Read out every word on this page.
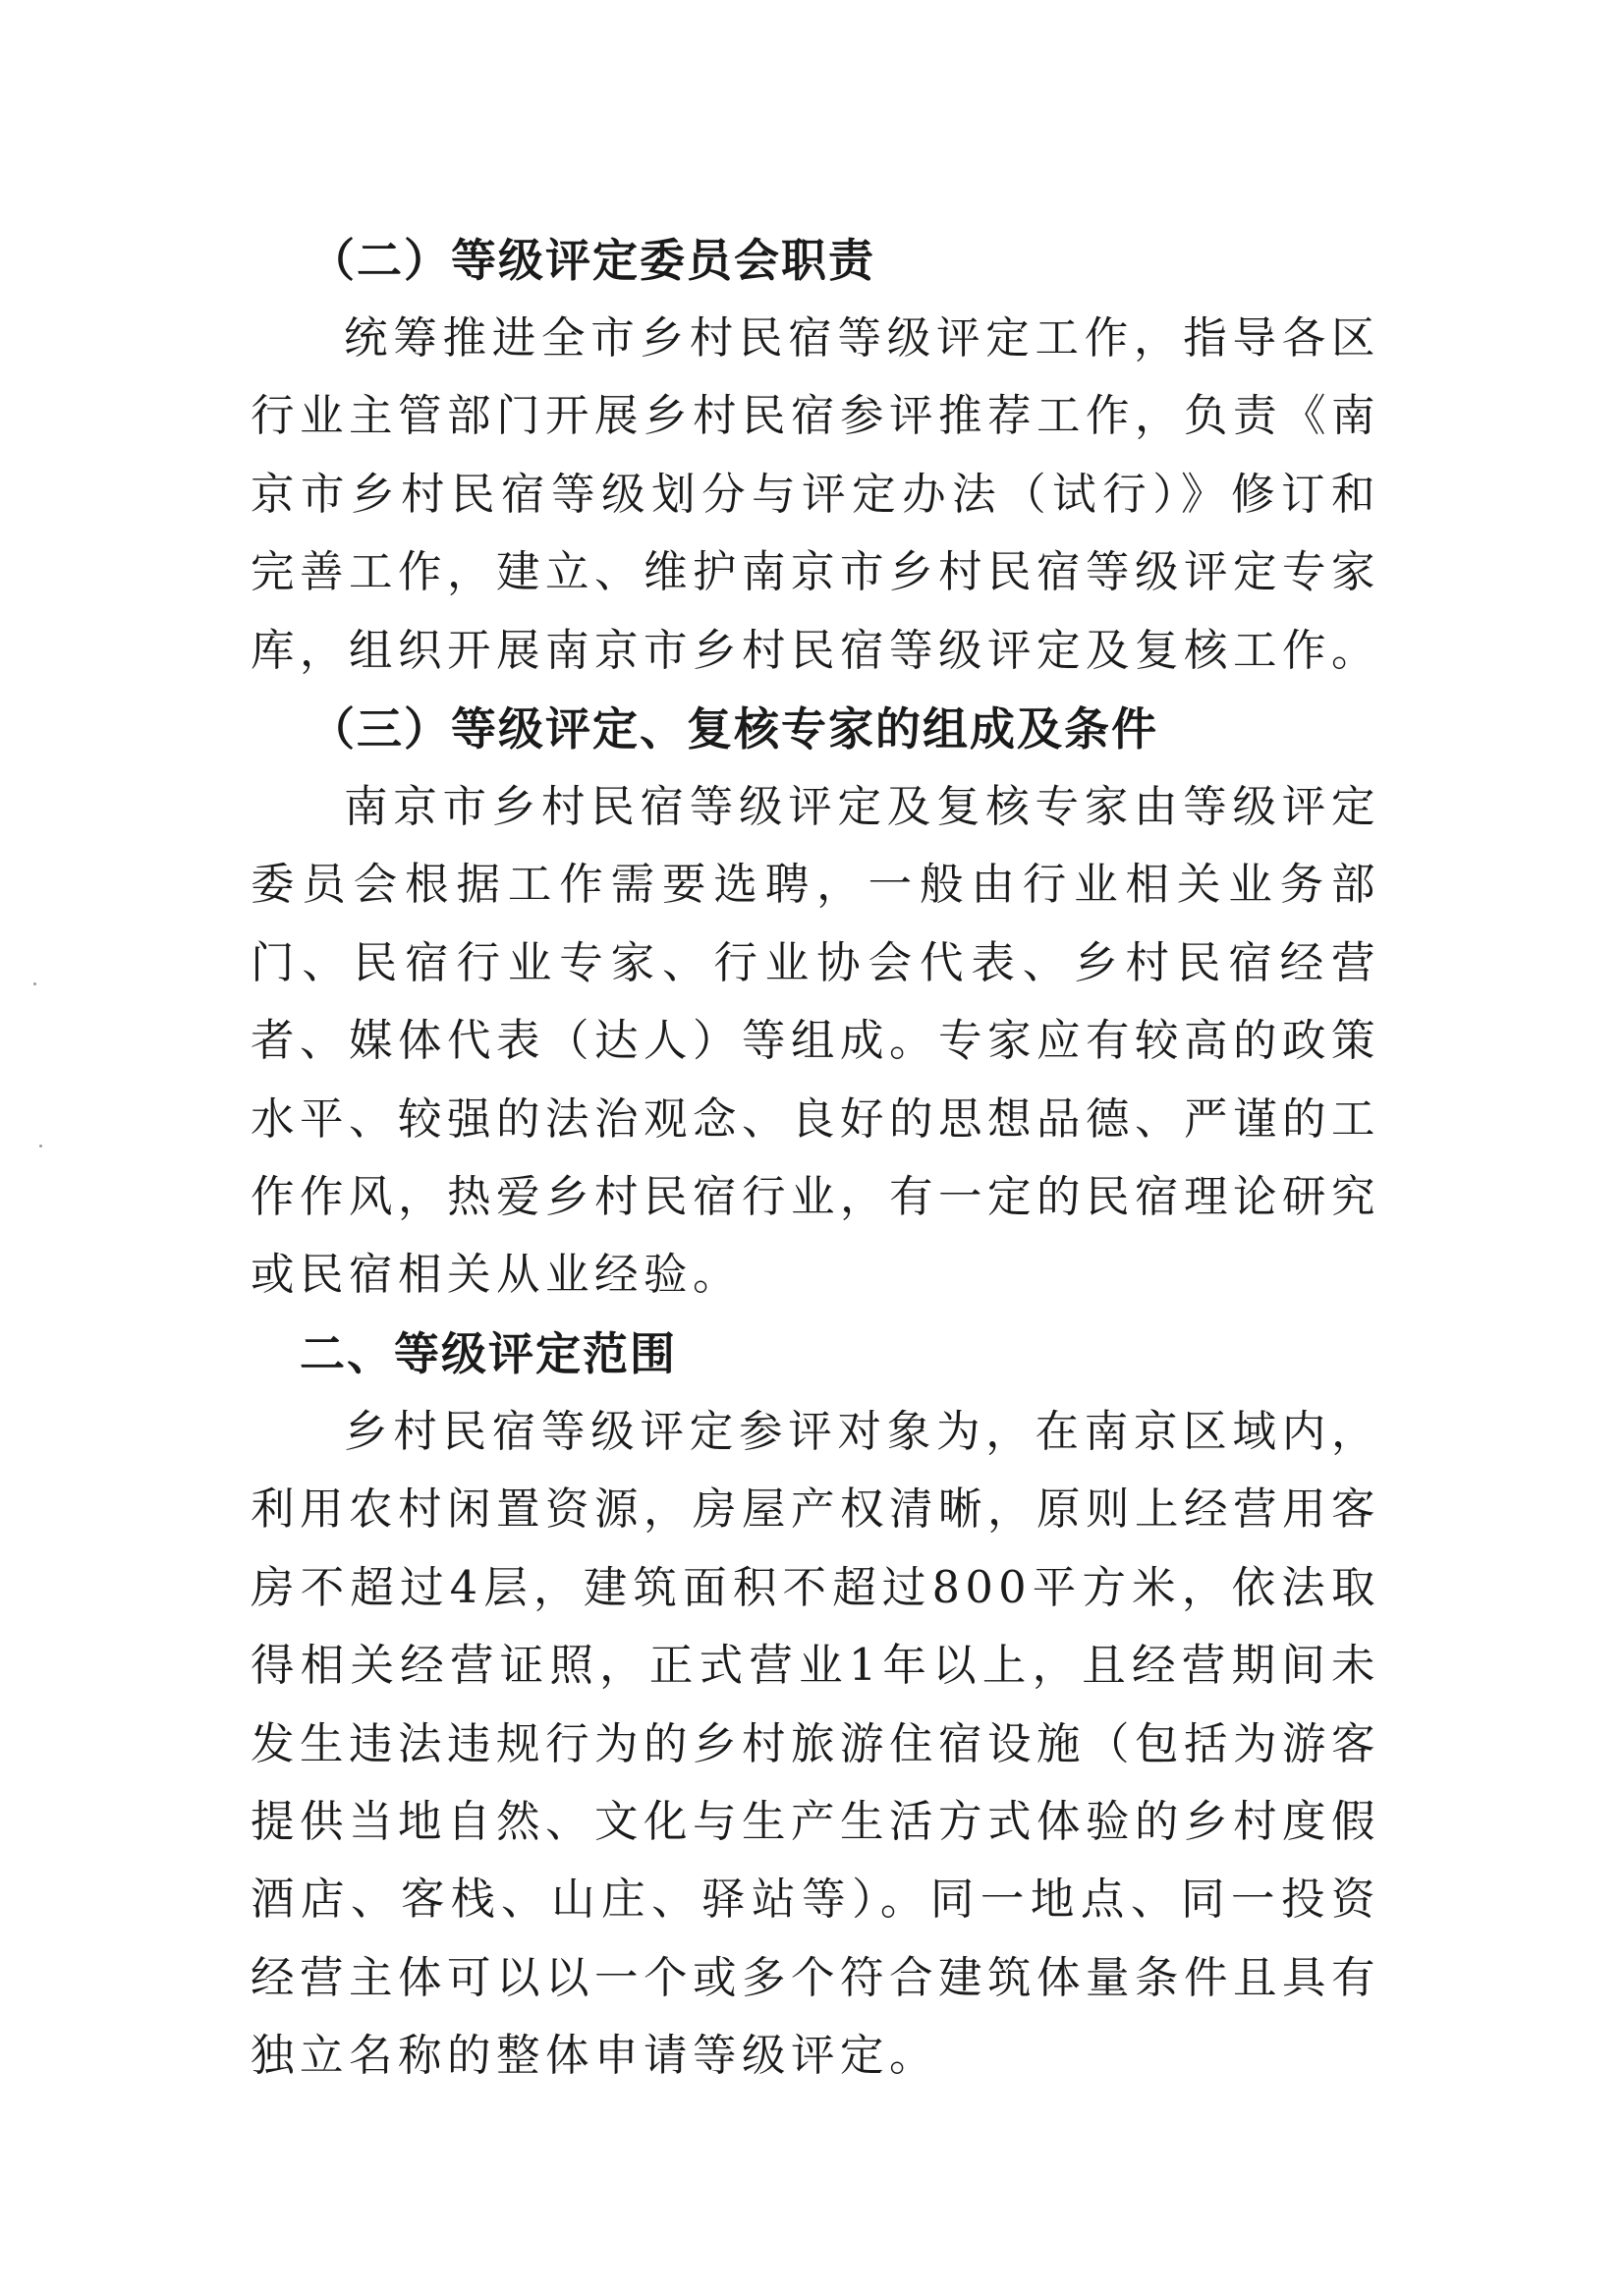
（二）等级评定委员会职责

统筹推进全市乡村民宿等级评定工作，指导各区行业主管部门开展乡村民宿参评推荐工作，负责《南京市乡村民宿等级划分与评定办法（试行）》修订和完善工作，建立、维护南京市乡村民宿等级评定专家库，组织开展南京市乡村民宿等级评定及复核工作。

（三）等级评定、复核专家的组成及条件

南京市乡村民宿等级评定及复核专家由等级评定委员会根据工作需要选聘，一般由行业相关业务部门、民宿行业专家、行业协会代表、乡村民宿经营者、媒体代表（达人）等组成。专家应有较高的政策水平、较强的法治观念、良好的思想品德、严谨的工作作风，热爱乡村民宿行业，有一定的民宿理论研究或民宿相关从业经验。

二、等级评定范围

乡村民宿等级评定参评对象为，在南京区域内，利用农村闲置资源，房屋产权清晰，原则上经营用客房不超过4层，建筑面积不超过800平方米，依法取得相关经营证照，正式营业1年以上，且经营期间未发生违法违规行为的乡村旅游住宿设施（包括为游客提供当地自然、文化与生产生活方式体验的乡村度假酒店、客栈、山庄、驿站等）。同一地点、同一投资经营主体可以以一个或多个符合建筑体量条件且具有独立名称的整体申请等级评定。
